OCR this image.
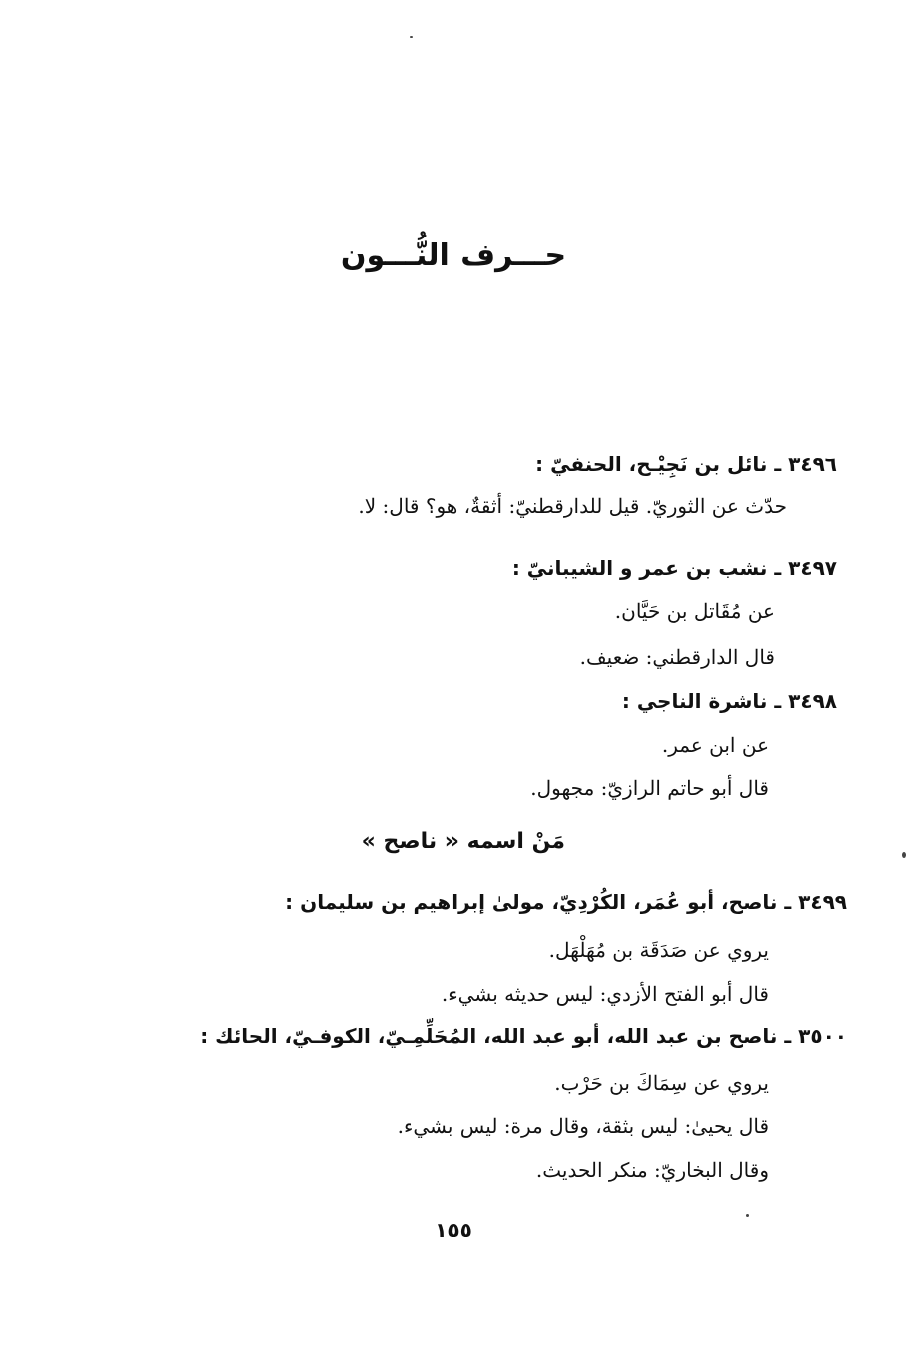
حـــرف النُّـــون

٣٤٩٦ ـ نائل بن نَجِيْـح، الحنفيّ :

حدّث عن الثوريّ. قيل للدارقطنيّ: أثقةٌ، هو؟ قال: لا.

٣٤٩٧ ـ نشب بن عمر و الشيبانيّ :

عن مُقَاتل بن حَيَّان.

قال الدارقطني: ضعيف.

٣٤٩٨ ـ ناشرة الناجي :

عن ابن عمر.

قال أبو حاتم الرازيّ: مجهول.

مَنْ اسمه « ناصح »

٣٤٩٩ ـ ناصح، أبو عُمَر، الكُرْدِيّ، مولىٰ إبراهيم بن سليمان :

يروي عن صَدَقَة بن مُهَلْهَل.

قال أبو الفتح الأزدي: ليس حديثه بشيء.

٣٥٠٠ ـ ناصح بن عبد الله، أبو عبد الله، المُحَلِّمِـيّ، الكوفـيّ، الحائك :

يروي عن سِمَاكَ بن حَرْب.

قال يحيىٰ: ليس بثقة، وقال مرة: ليس بشيء.

وقال البخاريّ: منكر الحديث.

١٥٥
